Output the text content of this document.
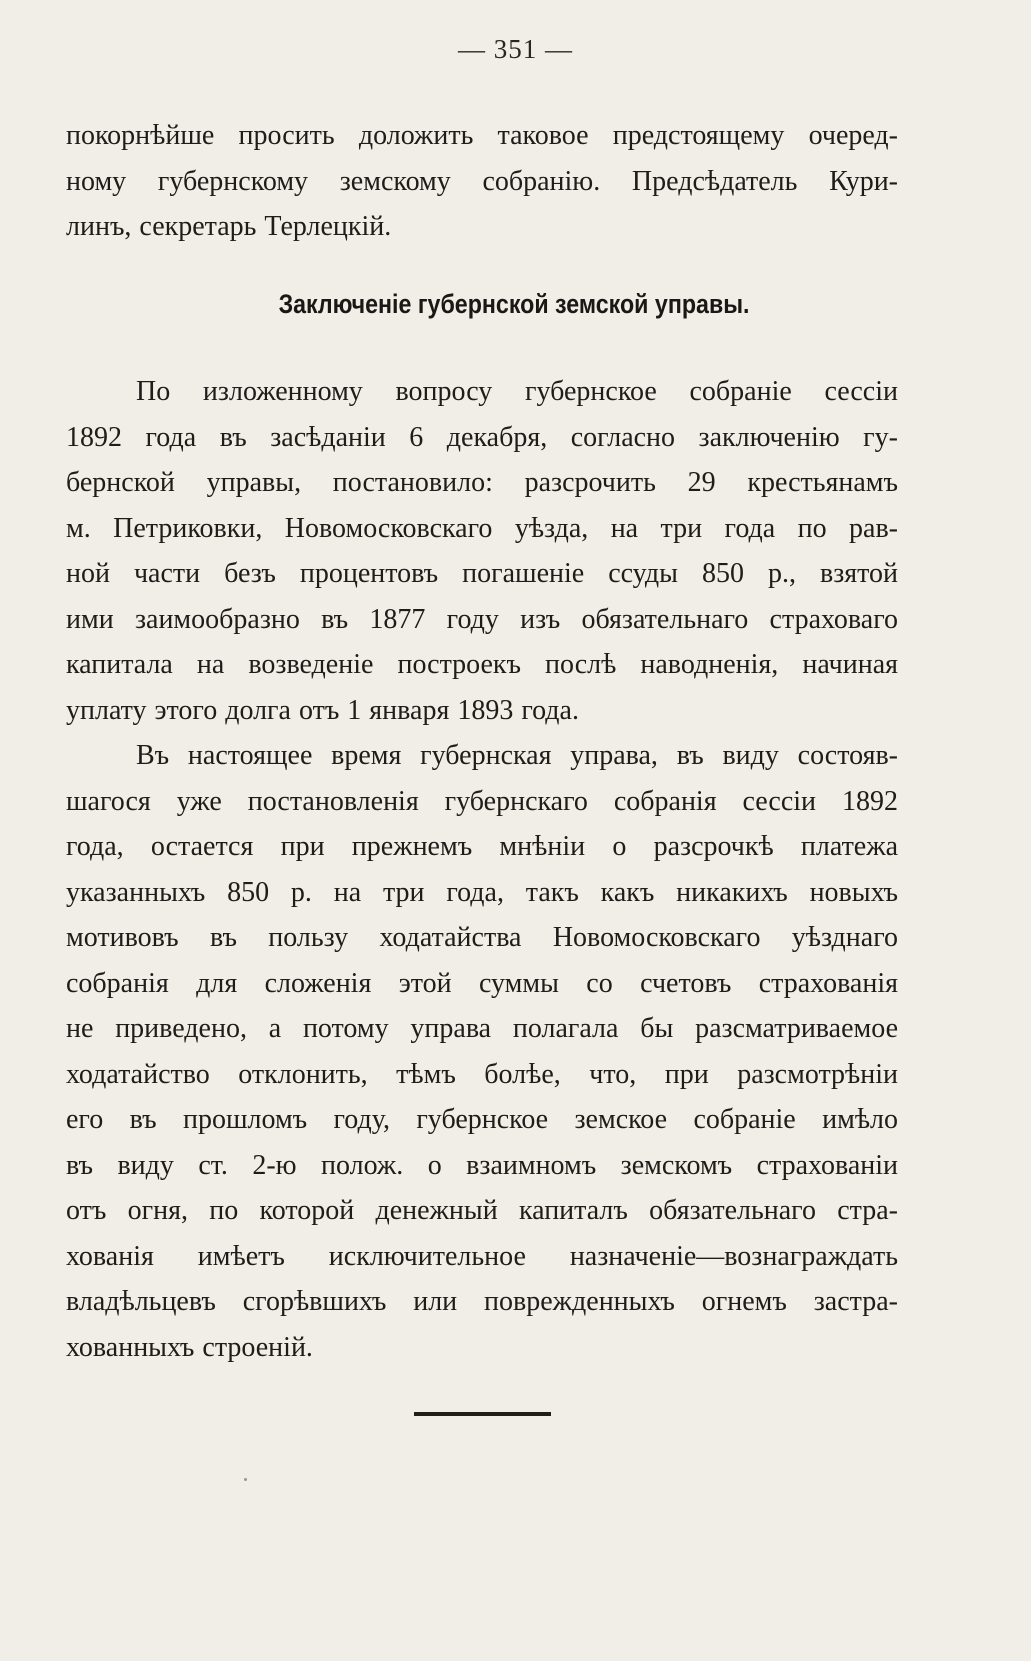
— 351 —
покорнѣйше просить доложить таковое предстоящему очеред-
ному губернскому земскому собранію. Предсѣдатель Кури-
линъ, секретарь Терлецкій.
Заключеніе губернской земской управы.
По изложенному вопросу губернское собраніе сессіи
1892 года въ засѣданіи 6 декабря, согласно заключенію гу-
бернской управы, постановило: разсрочить 29 крестьянамъ
м. Петриковки, Новомосковскаго уѣзда, на три года по рав-
ной части безъ процентовъ погашеніе ссуды 850 р., взятой
ими заимообразно въ 1877 году изъ обязательнаго страховаго
капитала на возведеніе построекъ послѣ наводненія, начиная
уплату этого долга отъ 1 января 1893 года.
Въ настоящее время губернская управа, въ виду состояв-
шагося уже постановленія губернскаго собранія сессіи 1892
года, остается при прежнемъ мнѣніи о разсрочкѣ платежа
указанныхъ 850 р. на три года, такъ какъ никакихъ новыхъ
мотивовъ въ пользу ходатайства Новомосковскаго уѣзднаго
собранія для сложенія этой суммы со счетовъ страхованія
не приведено, а потому управа полагала бы разсматриваемое
ходатайство отклонить, тѣмъ болѣе, что, при разсмотрѣніи
его въ прошломъ году, губернское земское собраніе имѣло
въ виду ст. 2-ю полож. о взаимномъ земскомъ страхованіи
отъ огня, по которой денежный капиталъ обязательнаго стра-
хованія имѣетъ исключительное назначеніе—вознаграждать
владѣльцевъ сгорѣвшихъ или поврежденныхъ огнемъ застра-
хованныхъ строеній.
